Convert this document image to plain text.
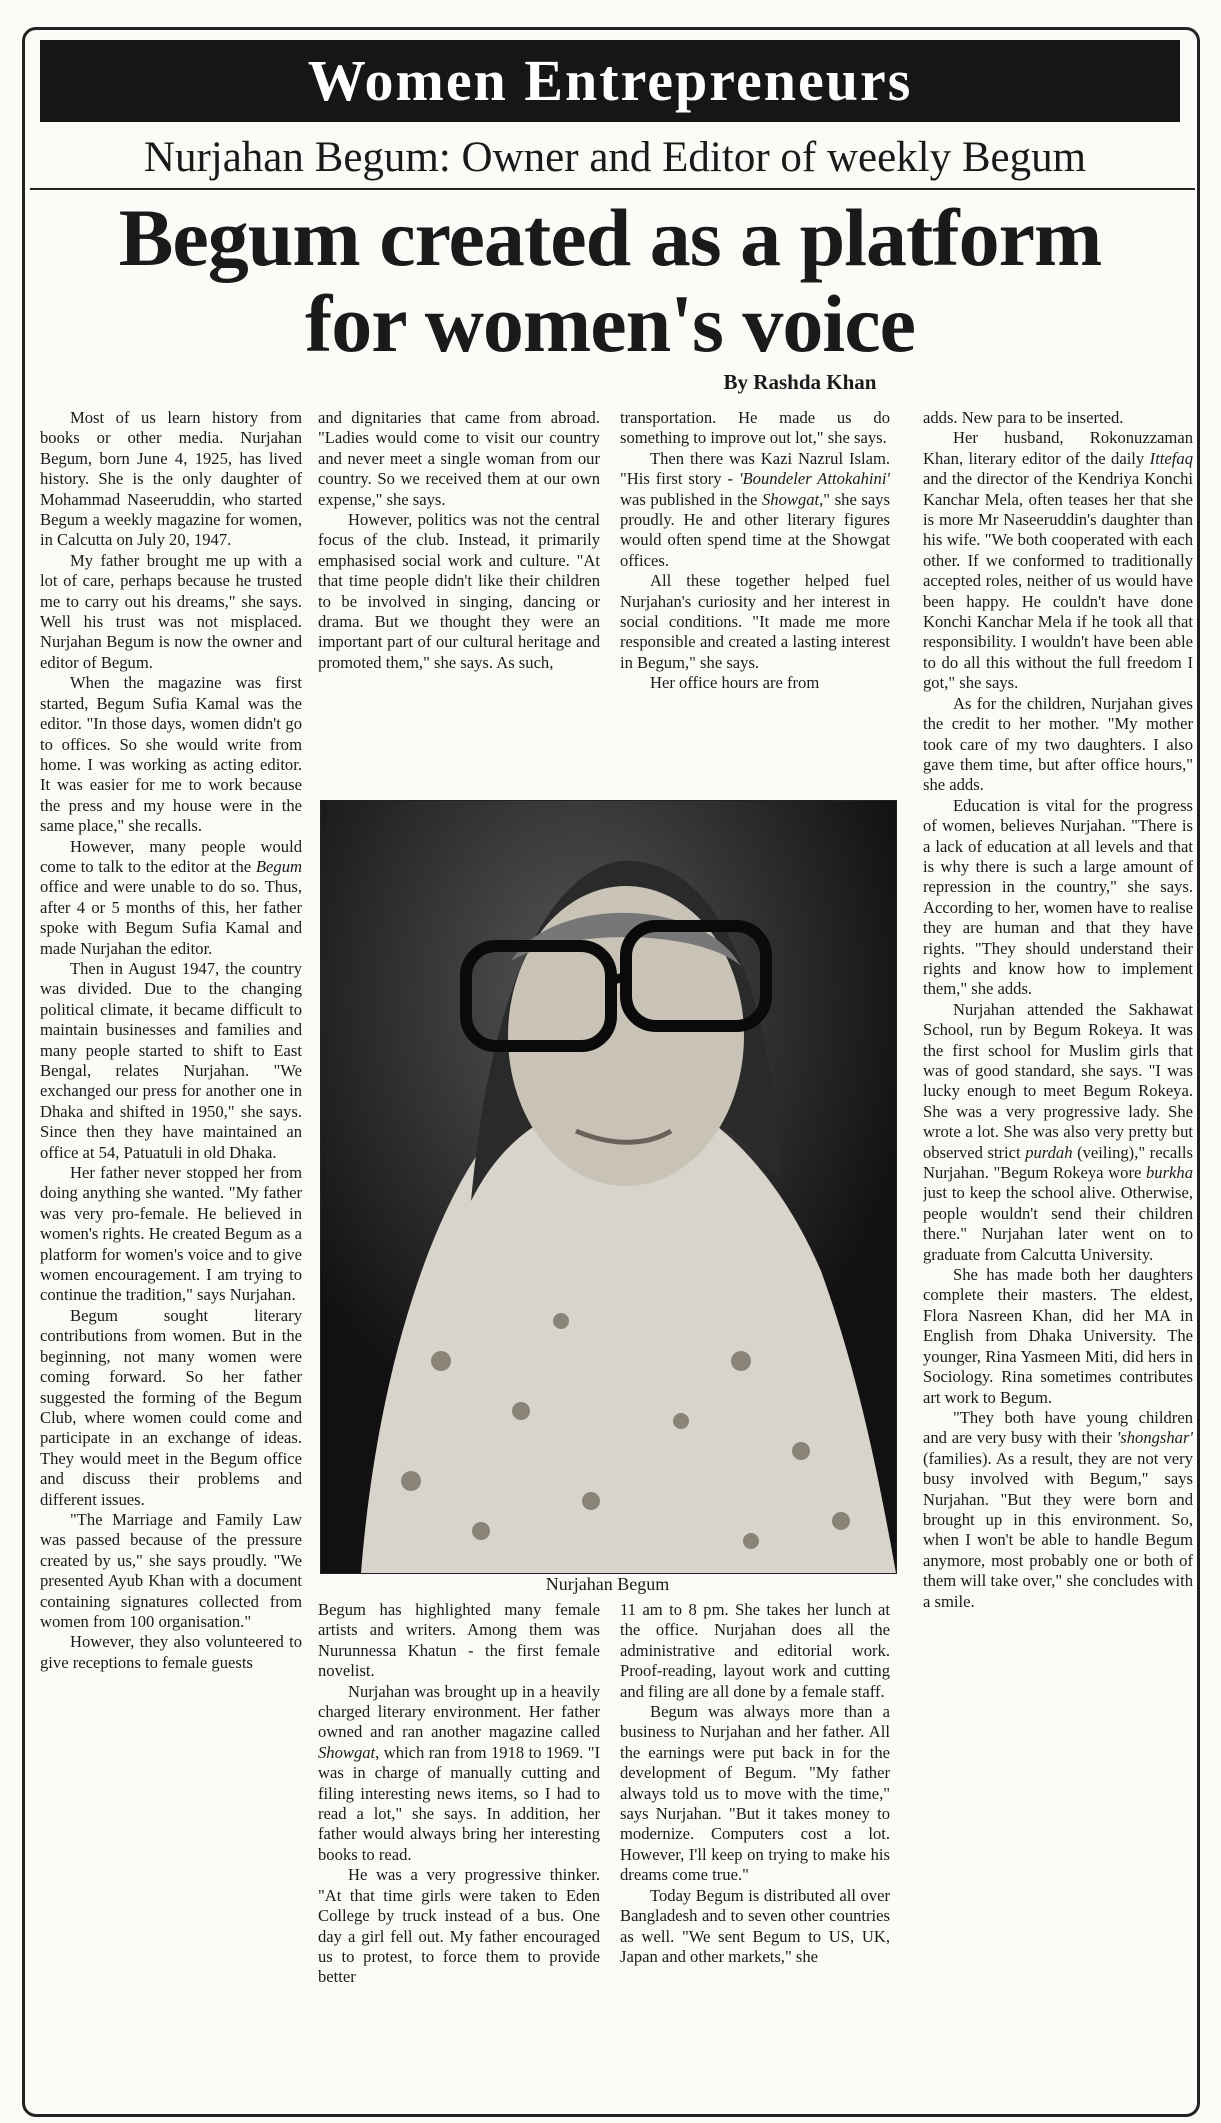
Women Entrepreneurs
Nurjahan Begum: Owner and Editor of weekly Begum
Begum created as a platform
for women's voice
By Rashda Khan

Most of us learn history from books or other media. Nurjahan Begum, born June 4, 1925, has lived history. She is the only daughter of Mohammad Naseeruddin, who started Begum a weekly magazine for women, in Calcutta on July 20, 1947.

My father brought me up with a lot of care, perhaps because he trusted me to carry out his dreams," she says. Well his trust was not misplaced. Nurjahan Begum is now the owner and editor of Begum.

When the magazine was first started, Begum Sufia Kamal was the editor. "In those days, women didn't go to offices. So she would write from home. I was working as acting editor. It was easier for me to work because the press and my house were in the same place," she recalls.

However, many people would come to talk to the editor at the Begum office and were unable to do so. Thus, after 4 or 5 months of this, her father spoke with Begum Sufia Kamal and made Nurjahan the editor.

Then in August 1947, the country was divided. Due to the changing political climate, it became difficult to maintain businesses and families and many people started to shift to East Bengal, relates Nurjahan. "We exchanged our press for another one in Dhaka and shifted in 1950," she says. Since then they have maintained an office at 54, Patuatuli in old Dhaka.

Her father never stopped her from doing anything she wanted. "My father was very pro-female. He believed in women's rights. He created Begum as a platform for women's voice and to give women encouragement. I am trying to continue the tradition," says Nurjahan.

Begum sought literary contributions from women. But in the beginning, not many women were coming forward. So her father suggested the forming of the Begum Club, where women could come and participate in an exchange of ideas. They would meet in the Begum office and discuss their problems and different issues.

"The Marriage and Family Law was passed because of the pressure created by us," she says proudly. "We presented Ayub Khan with a document containing signatures collected from women from 100 organisation."

However, they also volunteered to give receptions to female guests

and dignitaries that came from abroad. "Ladies would come to visit our country and never meet a single woman from our country. So we received them at our own expense," she says.

However, politics was not the central focus of the club. Instead, it primarily emphasised social work and culture. "At that time people didn't like their children to be involved in singing, dancing or drama. But we thought they were an important part of our cultural heritage and promoted them," she says. As such,

transportation. He made us do something to improve out lot," she says.

Then there was Kazi Nazrul Islam. "His first story - 'Boundeler Attokahini' was published in the Showgat," she says proudly. He and other literary figures would often spend time at the Showgat offices.

All these together helped fuel Nurjahan's curiosity and her interest in social conditions. "It made me more responsible and created a lasting interest in Begum," she says.

Her office hours are from

adds. New para to be inserted.

Her husband, Rokonuzzaman Khan, literary editor of the daily Ittefaq and the director of the Kendriya Konchi Kanchar Mela, often teases her that she is more Mr Naseeruddin's daughter than his wife. "We both cooperated with each other. If we conformed to traditionally accepted roles, neither of us would have been happy. He couldn't have done Konchi Kanchar Mela if he took all that responsibility. I wouldn't have been able to do all this without the full freedom I got," she says.

As for the children, Nurjahan gives the credit to her mother. "My mother took care of my two daughters. I also gave them time, but after office hours," she adds.

Education is vital for the progress of women, believes Nurjahan. "There is a lack of education at all levels and that is why there is such a large amount of repression in the country," she says. According to her, women have to realise they are human and that they have rights. "They should understand their rights and know how to implement them," she adds.

Nurjahan attended the Sakhawat School, run by Begum Rokeya. It was the first school for Muslim girls that was of good standard, she says. "I was lucky enough to meet Begum Rokeya. She was a very progressive lady. She wrote a lot. She was also very pretty but observed strict purdah (veiling)," recalls Nurjahan. "Begum Rokeya wore burkha just to keep the school alive. Otherwise, people wouldn't send their children there." Nurjahan later went on to graduate from Calcutta University.

She has made both her daughters complete their masters. The eldest, Flora Nasreen Khan, did her MA in English from Dhaka University. The younger, Rina Yasmeen Miti, did hers in Sociology. Rina sometimes contributes art work to Begum.

"They both have young children and are very busy with their 'shongshar' (families). As a result, they are not very busy involved with Begum," says Nurjahan. "But they were born and brought up in this environment. So, when I won't be able to handle Begum anymore, most probably one or both of them will take over," she concludes with a smile.

Nurjahan Begum
Begum has highlighted many female artists and writers. Among them was Nurunnessa Khatun - the first female novelist.

Nurjahan was brought up in a heavily charged literary environment. Her father owned and ran another magazine called Showgat, which ran from 1918 to 1969. "I was in charge of manually cutting and filing interesting news items, so I had to read a lot," she says. In addition, her father would always bring her interesting books to read.

He was a very progressive thinker. "At that time girls were taken to Eden College by truck instead of a bus. One day a girl fell out. My father encouraged us to protest, to force them to provide better

11 am to 8 pm. She takes her lunch at the office. Nurjahan does all the administrative and editorial work. Proof-reading, layout work and cutting and filing are all done by a female staff.

Begum was always more than a business to Nurjahan and her father. All the earnings were put back in for the development of Begum. "My father always told us to move with the time," says Nurjahan. "But it takes money to modernize. Computers cost a lot. However, I'll keep on trying to make his dreams come true."

Today Begum is distributed all over Bangladesh and to seven other countries as well. "We sent Begum to US, UK, Japan and other markets," she
